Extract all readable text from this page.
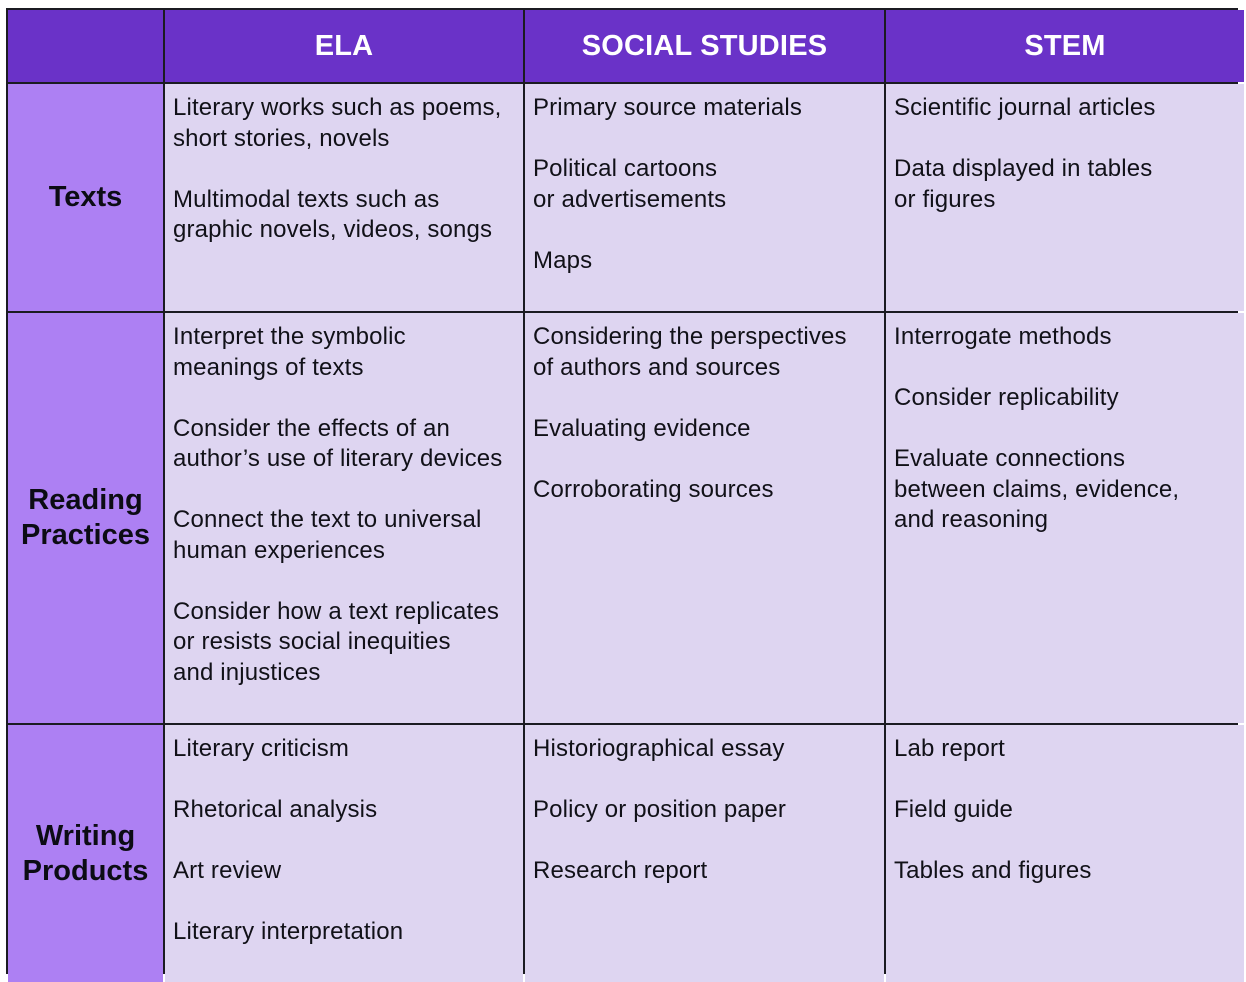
ELA	SOCIAL STUDIES	STEM
Texts
Literary works such as poems,
short stories, novels
Multimodal texts such as
graphic novels, videos, songs
Primary source materials
Political cartoons
or advertisements
Maps
Scientific journal articles
Data displayed in tables
or figures
Reading
Practices
Interpret the symbolic
meanings of texts
Consider the effects of an
author’s use of literary devices
Connect the text to universal
human experiences
Consider how a text replicates
or resists social inequities
and injustices
Considering the perspectives
of authors and sources
Evaluating evidence
Corroborating sources
Interrogate methods
Consider replicability
Evaluate connections
between claims, evidence,
and reasoning
Writing
Products
Literary criticism
Rhetorical analysis
Art review
Literary interpretation
Historiographical essay
Policy or position paper
Research report
Lab report
Field guide
Tables and figures
